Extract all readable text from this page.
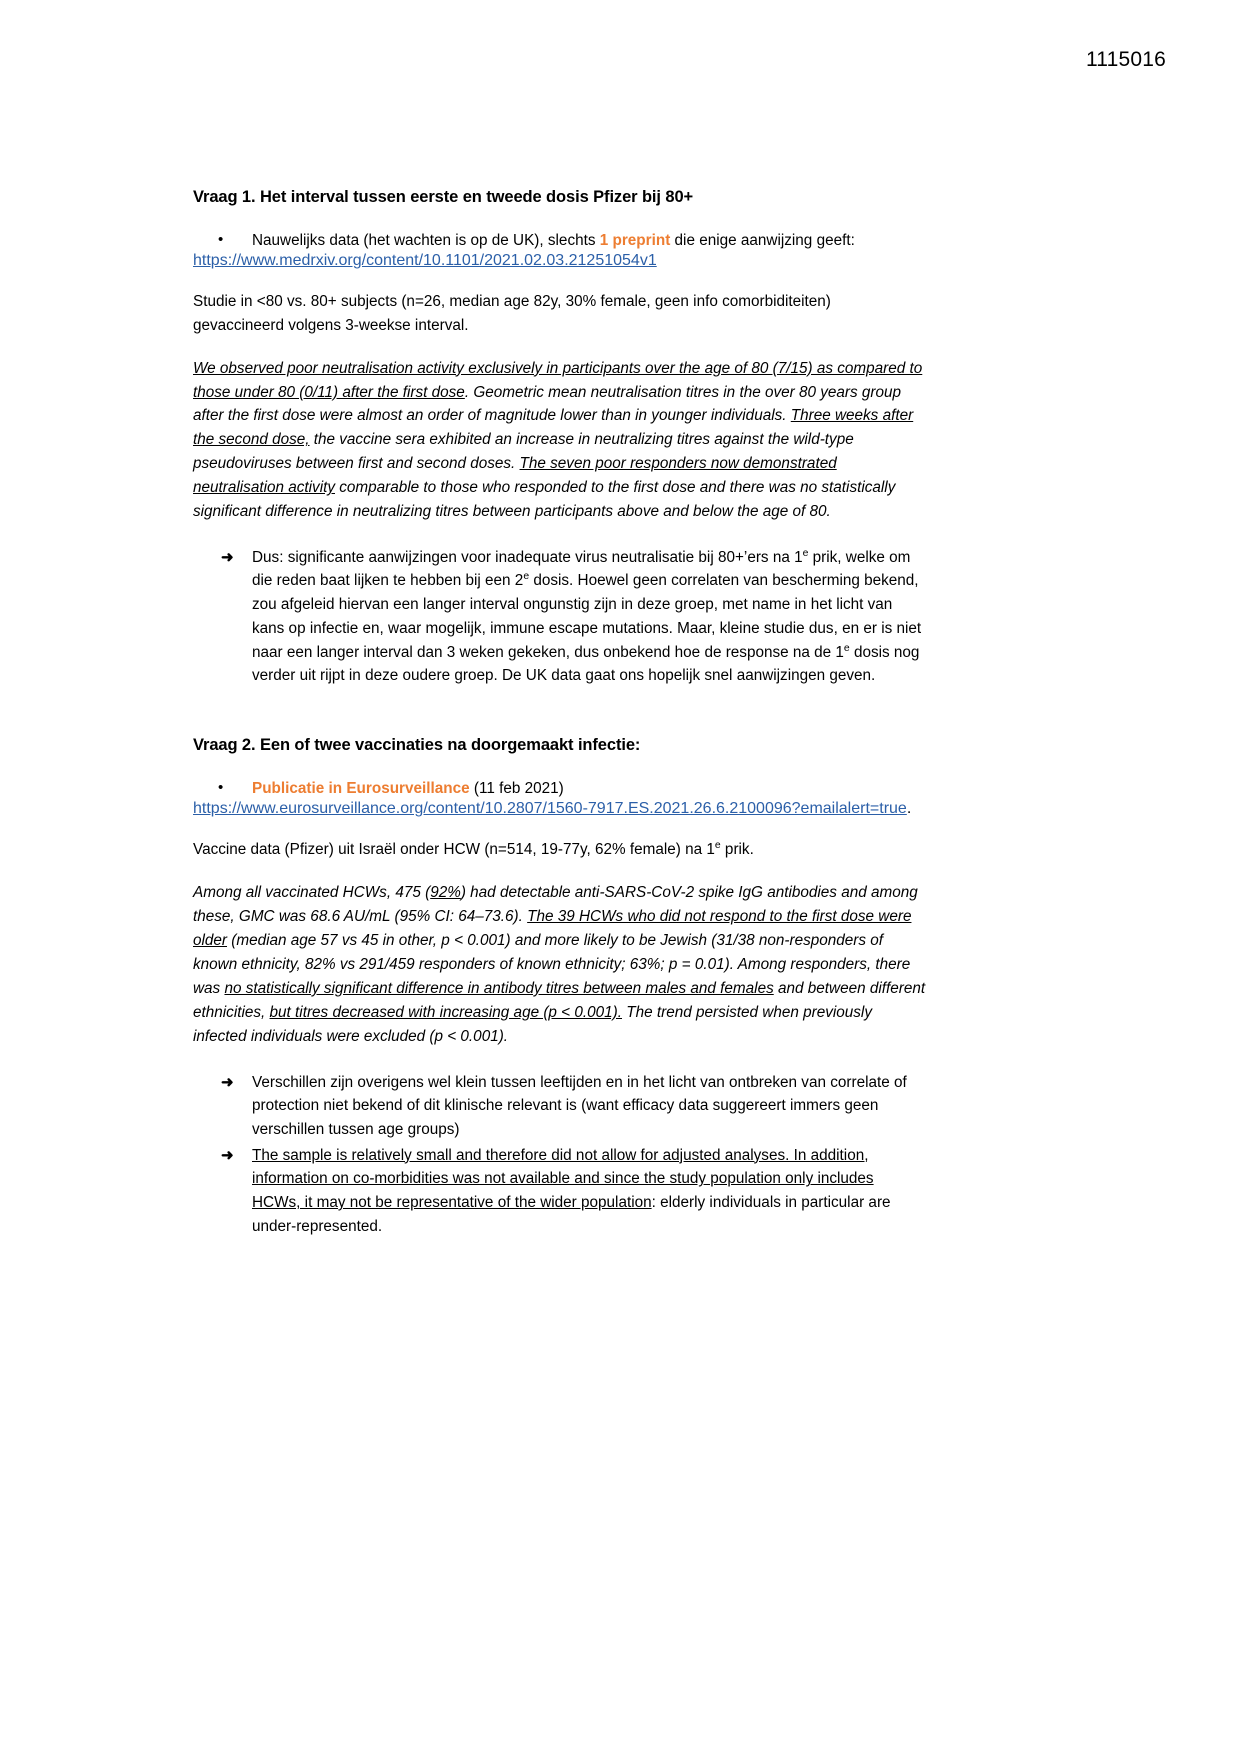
1115016
Vraag 1. Het interval tussen eerste en tweede dosis Pfizer bij 80+
• Nauwelijks data (het wachten is op de UK), slechts 1 preprint die enige aanwijzing geeft:
https://www.medrxiv.org/content/10.1101/2021.02.03.21251054v1

Studie in <80 vs. 80+ subjects (n=26, median age 82y, 30% female, geen info comorbiditeiten) gevaccineerd volgens 3-weekse interval.

We observed poor neutralisation activity exclusively in participants over the age of 80 (7/15) as compared to those under 80 (0/11) after the first dose. Geometric mean neutralisation titres in the over 80 years group after the first dose were almost an order of magnitude lower than in younger individuals. Three weeks after the second dose, the vaccine sera exhibited an increase in neutralizing titres against the wild-type pseudoviruses between first and second doses. The seven poor responders now demonstrated neutralisation activity comparable to those who responded to the first dose and there was no statistically significant difference in neutralizing titres between participants above and below the age of 80.
➜ Dus: significante aanwijzingen voor inadequate virus neutralisatie bij 80+’ers na 1e prik, welke om die reden baat lijken te hebben bij een 2e dosis. Hoewel geen correlaten van bescherming bekend, zou afgeleid hiervan een langer interval ongunstig zijn in deze groep, met name in het licht van kans op infectie en, waar mogelijk, immune escape mutations. Maar, kleine studie dus, en er is niet naar een langer interval dan 3 weken gekeken, dus onbekend hoe de response na de 1e dosis nog verder uit rijpt in deze oudere groep. De UK data gaat ons hopelijk snel aanwijzingen geven.
Vraag 2. Een of twee vaccinaties na doorgemaakt infectie:
• Publicatie in Eurosurveillance (11 feb 2021)
https://www.eurosurveillance.org/content/10.2807/1560-7917.ES.2021.26.6.2100096?emailalert=true.

Vaccine data (Pfizer) uit Israël onder HCW (n=514, 19-77y, 62% female) na 1e prik.

Among all vaccinated HCWs, 475 (92%) had detectable anti-SARS-CoV-2 spike IgG antibodies and among these, GMC was 68.6 AU/mL (95% CI: 64–73.6). The 39 HCWs who did not respond to the first dose were older (median age 57 vs 45 in other, p < 0.001) and more likely to be Jewish (31/38 non-responders of known ethnicity, 82% vs 291/459 responders of known ethnicity; 63%; p = 0.01). Among responders, there was no statistically significant difference in antibody titres between males and females and between different ethnicities, but titres decreased with increasing age (p < 0.001). The trend persisted when previously infected individuals were excluded (p < 0.001).
➜ Verschillen zijn overigens wel klein tussen leeftijden en in het licht van ontbreken van correlate of protection niet bekend of dit klinische relevant is (want efficacy data suggereert immers geen verschillen tussen age groups)
➜ The sample is relatively small and therefore did not allow for adjusted analyses. In addition, information on co-morbidities was not available and since the study population only includes HCWs, it may not be representative of the wider population: elderly individuals in particular are under-represented.
